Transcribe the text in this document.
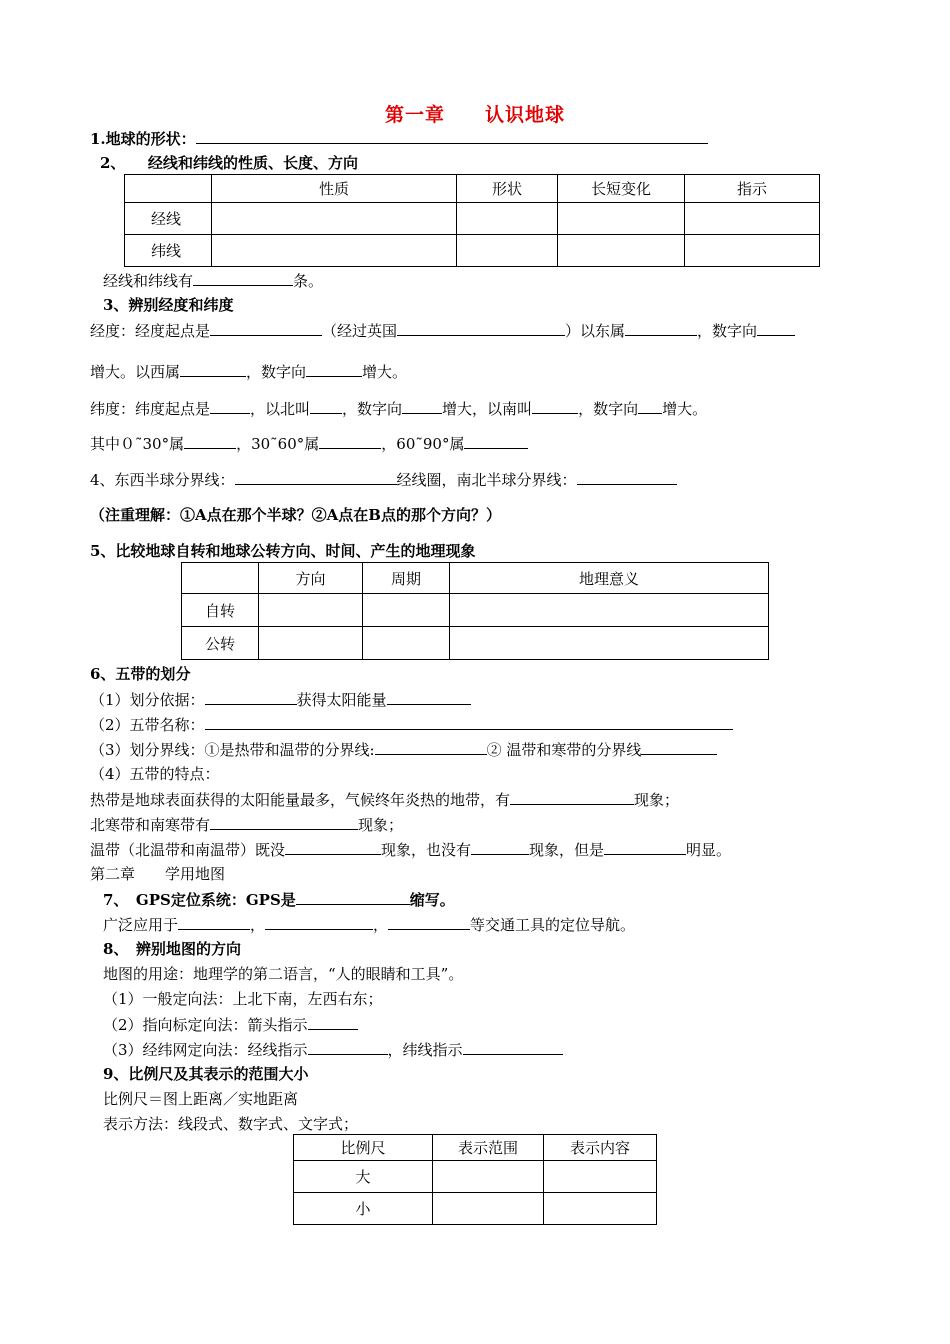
第一章　　认识地球
1.地球的形状：
2、　　经线和纬线的性质、长度、方向
	性质	形状	长短变化	指示
经线				
纬线				
经线和纬线有	条。
3、辨别经度和纬度
经度：经度起点是	（经过英国	）以东属	，数字向
增大。以西属	，数字向	增大。
纬度：纬度起点是	，以北叫 ，数字向	增大，以南叫	，数字向 增大。
其中０˜30°属	，30˜60°属	，60˜90°属
4、东西半球分界线：	经线圈，南北半球分界线：
（注重理解：①A点在那个半球？②A点在B点的那个方向？）
5、比较地球自转和地球公转方向、时间、产生的地理现象
	方向	周期	地理意义
自转			
公转			
6、五带的划分
（1）划分依据：	获得太阳能量
（2）五带名称：
（3）划分界线：①是热带和温带的分界线:	② 温带和寒带的分界线
（4）五带的特点：
热带是地球表面获得的太阳能量最多，气候终年炎热的地带，有	现象；
北寒带和南寒带有	现象；
温带（北温带和南温带）既没	现象，也没有	现象，但是	明显。
第二章　　学用地图
7、　GPS定位系统：GPS是	缩写。
广泛应用于	，	，	等交通工具的定位导航。
8、　辨别地图的方向
地图的用途：地理学的第二语言，“人的眼睛和工具”。
（1）一般定向法：上北下南，左西右东；
（2）指向标定向法：箭头指示
（3）经纬网定向法：经线指示	，纬线指示
9、比例尺及其表示的范围大小
比例尺＝图上距离／实地距离
表示方法：线段式、数字式、文字式；
比例尺	表示范围	表示内容
大		
小		
